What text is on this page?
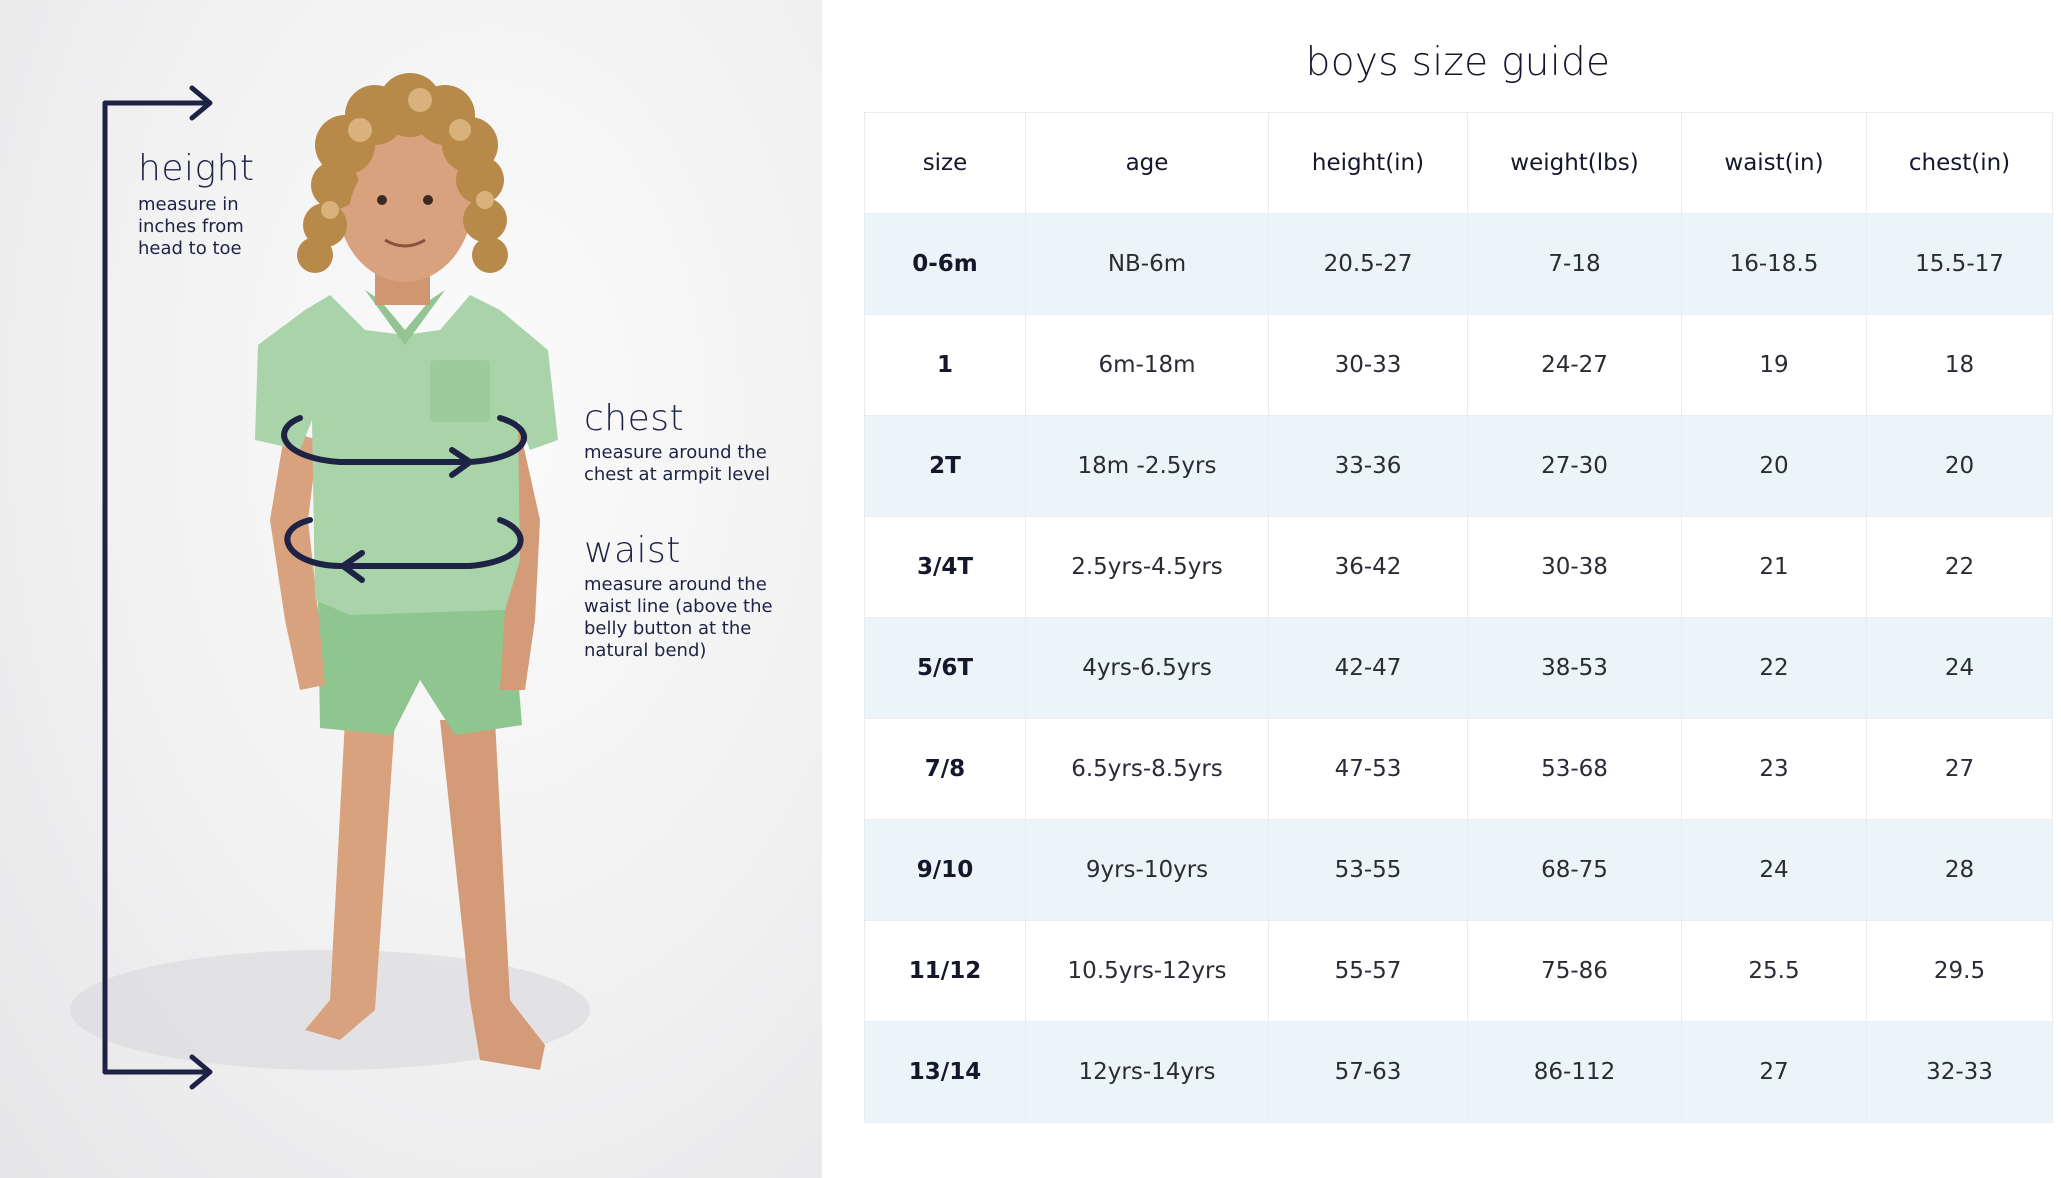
height

measure in
inches from
head to toe

chest

measure around the
chest at armpit level

waist

measure around the
waist line (above the
belly button at the
natural bend)

boys size guide
size	age	height(in)	weight(lbs)	waist(in)	chest(in)
0-6m	NB-6m	20.5-27	7-18	16-18.5	15.5-17
1	6m-18m	30-33	24-27	19	18
2T	18m -2.5yrs	33-36	27-30	20	20
3/4T	2.5yrs-4.5yrs	36-42	30-38	21	22
5/6T	4yrs-6.5yrs	42-47	38-53	22	24
7/8	6.5yrs-8.5yrs	47-53	53-68	23	27
9/10	9yrs-10yrs	53-55	68-75	24	28
11/12	10.5yrs-12yrs	55-57	75-86	25.5	29.5
13/14	12yrs-14yrs	57-63	86-112	27	32-33
